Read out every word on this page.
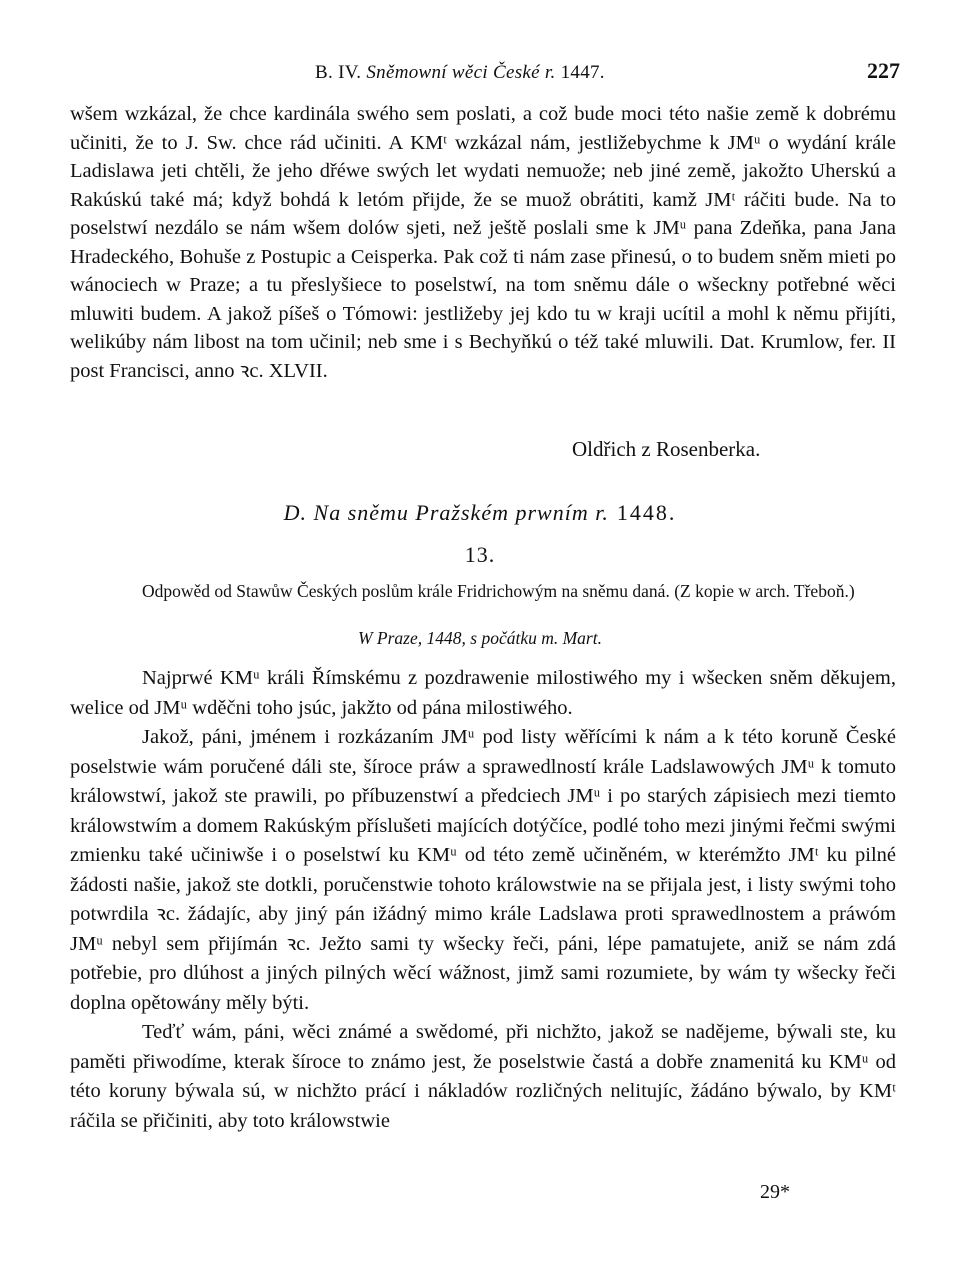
B. IV. Sněmowní wěci České r. 1447.	227

wšem wzkázal, že chce kardinála swého sem poslati, a což bude moci této našie země k dobrému učiniti, že to J. Sw. chce rád učiniti. A KMᵗ wzkázal nám, jestližebychme k JMᵘ o wydání krále Ladislawa jeti chtěli, že jeho dřéwe swých let wydati nemuože; neb jiné země, jakožto Uherskú a Rakúskú také má; když bohdá k letóm přijde, že se muož obrátiti, kamž JMᵗ ráčiti bude. Na to poselstwí nezdálo se nám wšem dolów sjeti, než ještě poslali sme k JMᵘ pana Zdeňka, pana Jana Hradeckého, Bohuše z Postupic a Ceisperka. Pak což ti nám zase přinesú, o to budem sněm mieti po wánociech w Praze; a tu přeslyšiece to poselstwí, na tom sněmu dále o wšeckny potřebné wěci mluwiti budem. A jakož píšeš o Tómowi: jestližeby jej kdo tu w kraji ucítil a mohl k němu přijíti, welikúby nám libost na tom učinil; neb sme i s Bechyňkú o též také mluwili. Dat. Krumlow, fer. II post Francisci, anno ꝛc. XLVII.

Oldřich z Rosenberka.
D. Na sněmu Pražském prwním r. 1448.
13.
Odpowěd od Stawůw Českých poslům krále Fridrichowým na sněmu daná. (Z kopie w arch. Třeboň.)
W Praze, 1448, s počátku m. Mart.

Najprwé KMᵘ králi Římskému z pozdrawenie milostiwého my i wšecken sněm děkujem, welice od JMᵘ wděčni toho jsúc, jakžto od pána milostiwého.

Jakož, páni, jménem i rozkázaním JMᵘ pod listy wěřícími k nám a k této koruně České poselstwie wám poručené dáli ste, šíroce práw a sprawedlností krále Ladslawowých JMᵘ k tomuto králowstwí, jakož ste prawili, po příbuzenstwí a předciech JMᵘ i po starých zápisiech mezi tiemto králowstwím a domem Rakúským příslušeti majících dotýčíce, podlé toho mezi jinými řečmi swými zmienku také učiniwše i o poselstwí ku KMᵘ od této země učiněném, w kterémžto JMᵗ ku pilné žádosti našie, jakož ste dotkli, poručenstwie tohoto králowstwie na se přijala jest, i listy swými toho potwrdila ꝛc. žádajíc, aby jiný pán ižádný mimo krále Ladslawa proti sprawedlnostem a práwóm JMᵘ nebyl sem přijímán ꝛc. Ježto sami ty wšecky řeči, páni, lépe pamatujete, aniž se nám zdá potřebie, pro dlúhost a jiných pilných wěcí wážnost, jimž sami rozumiete, by wám ty wšecky řeči doplna opětowány měly býti.

Teďť wám, páni, wěci známé a swědomé, při nichžto, jakož se nadějeme, býwali ste, ku paměti přiwodíme, kterak šíroce to známo jest, že poselstwie častá a dobře znamenitá ku KMᵘ od této koruny býwala sú, w nichžto prácí i nákladów rozličných nelitujíc, žádáno býwalo, by KMᵗ ráčila se přičiniti, aby toto králowstwie

29*
